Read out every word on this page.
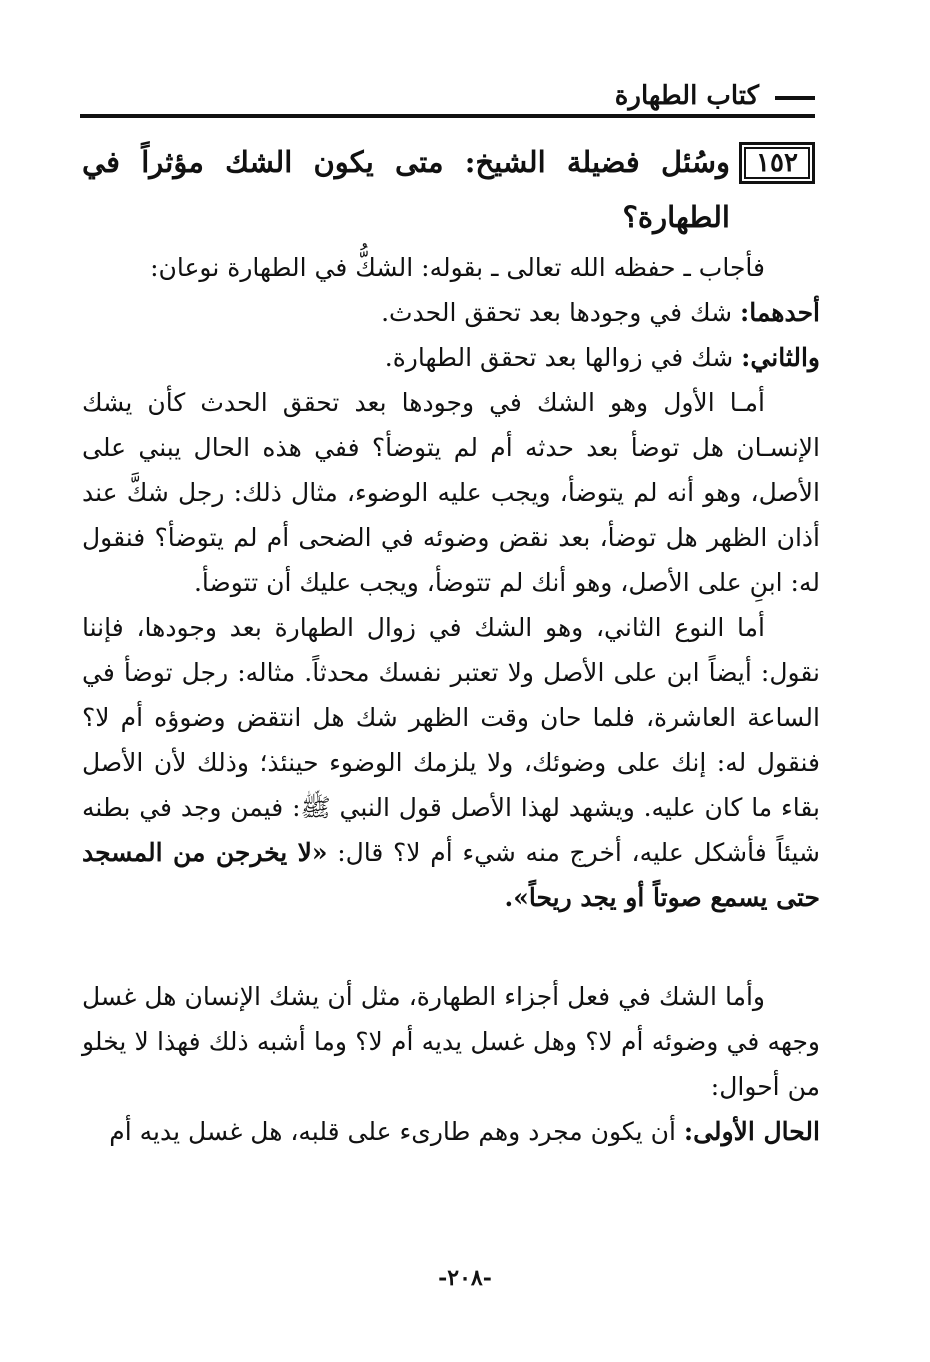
كتاب الطهارة

وسُئل فضيلة الشيخ: متى يكون الشك مؤثراً في الطهارة؟

فأجاب ـ حفظه الله تعالى ـ بقوله: الشكُّ في الطهارة نوعان:

أحدهما: شك في وجودها بعد تحقق الحدث.

والثاني: شك في زوالها بعد تحقق الطهارة.

أمـا الأول وهو الشك في وجودها بعد تحقق الحدث كأن يشك الإنسـان هل توضأ بعد حدثه أم لم يتوضأ؟ ففي هذه الحال يبني على الأصل، وهو أنه لم يتوضأ، ويجب عليه الوضوء، مثال ذلك: رجل شكَّ عند أذان الظهر هل توضأ، بعد نقض وضوئه في الضحى أم لم يتوضأ؟ فنقول له: ابنِ على الأصل، وهو أنك لم تتوضأ، ويجب عليك أن تتوضأ.

أما النوع الثاني، وهو الشك في زوال الطهارة بعد وجودها، فإننا نقول: أيضاً ابن على الأصل ولا تعتبر نفسك محدثاً. مثاله: رجل توضأ في الساعة العاشرة، فلما حان وقت الظهر شك هل انتقض وضوؤه أم لا؟ فنقول له: إنك على وضوئك، ولا يلزمك الوضوء حينئذ؛ وذلك لأن الأصل بقاء ما كان عليه. ويشهد لهذا الأصل قول النبي ﷺ: فيمن وجد في بطنه شيئاً فأشكل عليه، أخرج منه شيء أم لا؟ قال: «لا يخرجن من المسجد حتى يسمع صوتاً أو يجد ريحاً».

وأما الشك في فعل أجزاء الطهارة، مثل أن يشك الإنسان هل غسل وجهه في وضوئه أم لا؟ وهل غسل يديه أم لا؟ وما أشبه ذلك فهذا لا يخلو من أحوال:

الحال الأولى: أن يكون مجرد وهم طارىء على قلبه، هل غسل يديه أم

١٥٢
-٢٠٨-
